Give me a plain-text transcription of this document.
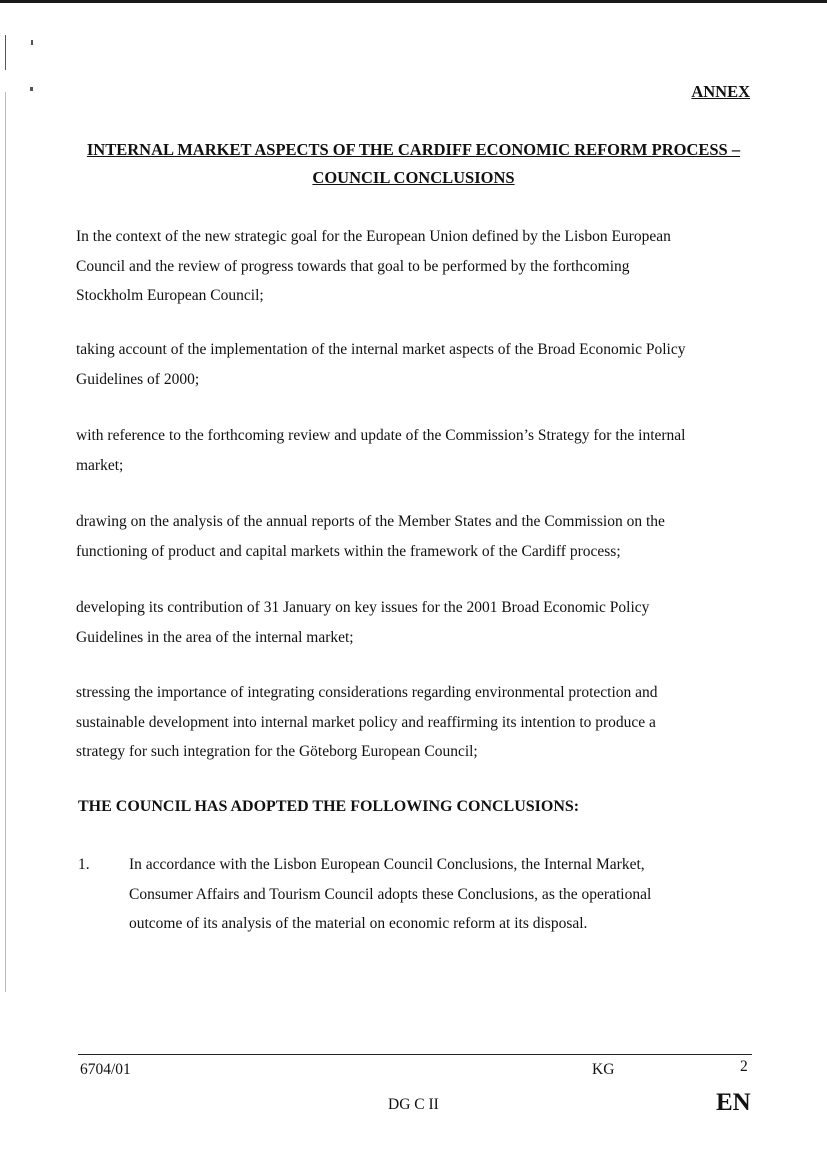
ANNEX
INTERNAL MARKET ASPECTS OF THE CARDIFF ECONOMIC REFORM PROCESS –
COUNCIL CONCLUSIONS
In the context of the new strategic goal for the European Union defined by the Lisbon European
Council and the review of progress towards that goal to be performed by the forthcoming
Stockholm European Council;
taking account of the implementation of the internal market aspects of the Broad Economic Policy
Guidelines of 2000;
with reference to the forthcoming review and update of the Commission’s Strategy for the internal
market;
drawing on the analysis of the annual reports of the Member States and the Commission on the
functioning of product and capital markets within the framework of the Cardiff process;
developing its contribution of 31 January on key issues for the 2001 Broad Economic Policy
Guidelines in the area of the internal market;
stressing the importance of integrating considerations regarding environmental protection and
sustainable development into internal market policy and reaffirming its intention to produce a
strategy for such integration for the Göteborg European Council;
THE COUNCIL HAS ADOPTED THE FOLLOWING CONCLUSIONS:
1.	In accordance with the Lisbon European Council Conclusions, the Internal Market,
Consumer Affairs and Tourism Council adopts these Conclusions, as the operational
outcome of its analysis of the material on economic reform at its disposal.
6704/01	KG	2
DG C II	EN
